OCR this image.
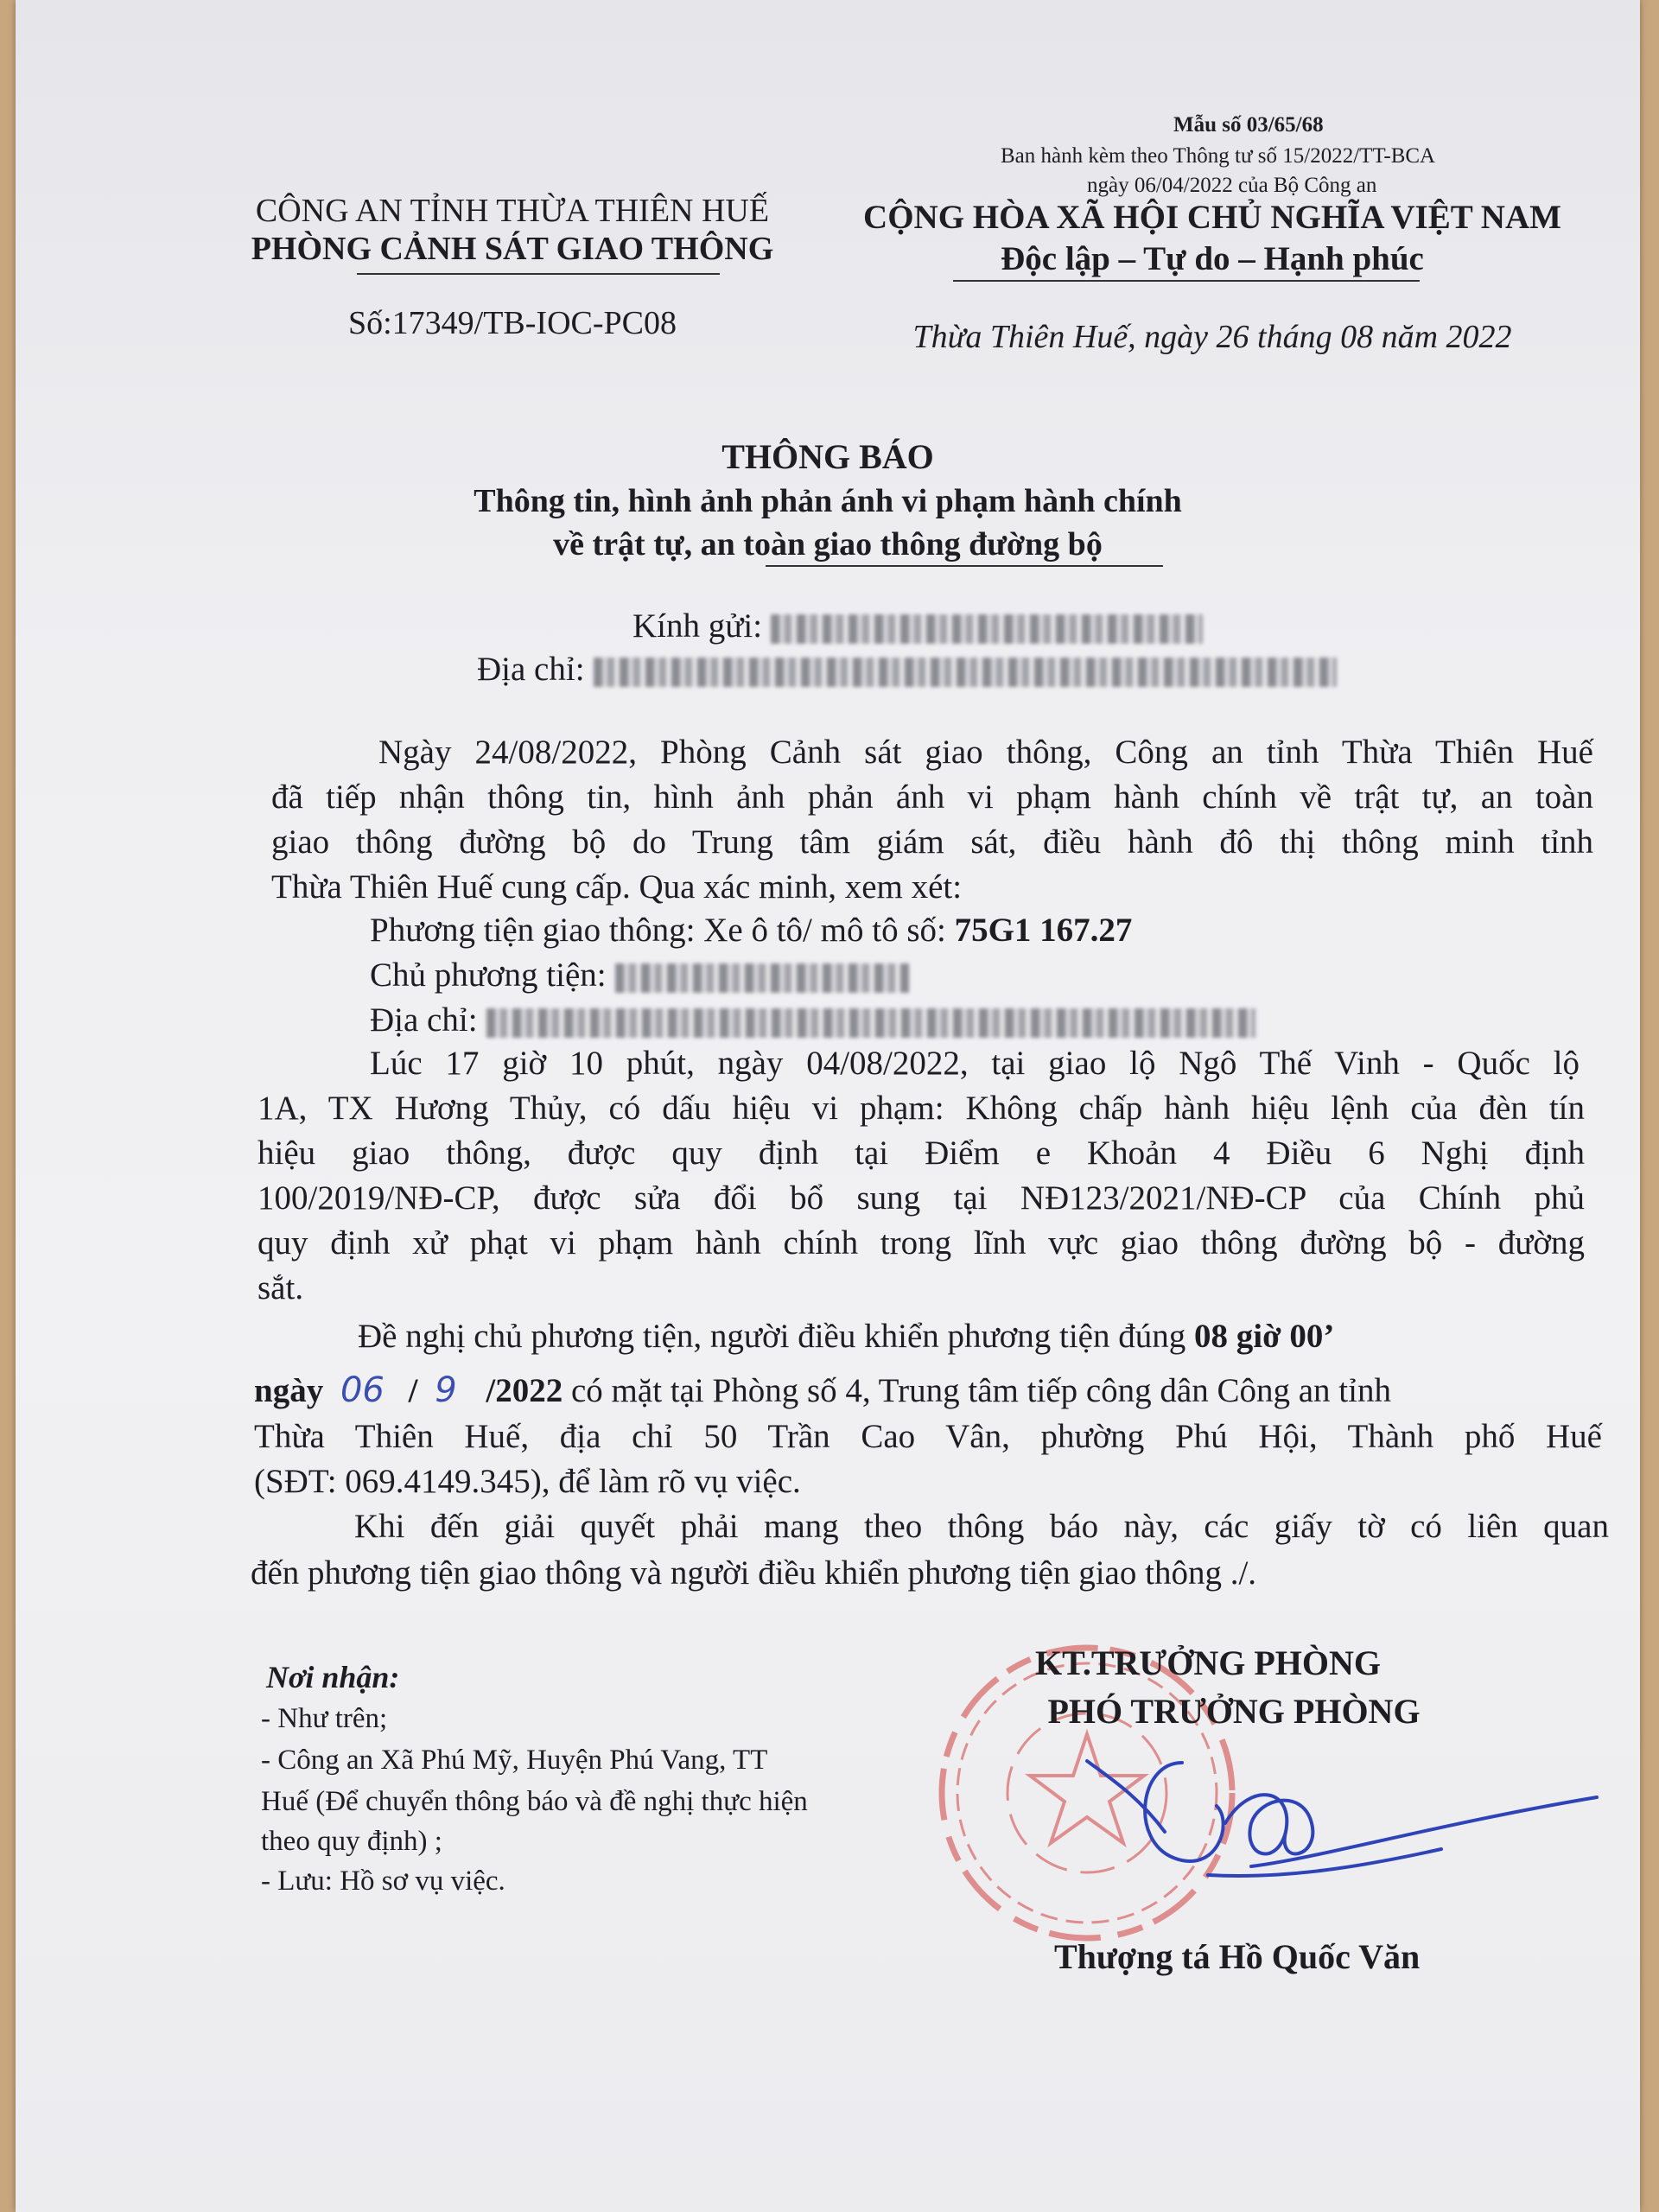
Mẫu số 03/65/68
Ban hành kèm theo Thông tư số 15/2022/TT-BCA
ngày 06/04/2022 của Bộ Công an
CÔNG AN TỈNH THỪA THIÊN HUẾ
PHÒNG CẢNH SÁT GIAO THÔNG
Số:17349/TB-IOC-PC08
CỘNG HÒA XÃ HỘI CHỦ NGHĨA VIỆT NAM
Độc lập – Tự do – Hạnh phúc
Thừa Thiên Huế, ngày 26 tháng 08 năm 2022
THÔNG BÁO
Thông tin, hình ảnh phản ánh vi phạm hành chính
về trật tự, an toàn giao thông đường bộ
Kính gửi:
Địa chỉ:
Ngày 24/08/2022, Phòng Cảnh sát giao thông, Công an tỉnh Thừa Thiên Huế
đã tiếp nhận thông tin, hình ảnh phản ánh vi phạm hành chính về trật tự, an toàn
giao thông đường bộ do Trung tâm giám sát, điều hành đô thị thông minh tỉnh
Thừa Thiên Huế cung cấp. Qua xác minh, xem xét:
Phương tiện giao thông: Xe ô tô/ mô tô số: 75G1 167.27
Chủ phương tiện:
Địa chỉ:
Lúc 17 giờ 10 phút, ngày 04/08/2022, tại giao lộ Ngô Thế Vinh - Quốc lộ
1A, TX Hương Thủy, có dấu hiệu vi phạm: Không chấp hành hiệu lệnh của đèn tín
hiệu giao thông, được quy định tại Điểm e Khoản 4 Điều 6 Nghị định
100/2019/NĐ-CP, được sửa đổi bổ sung tại NĐ123/2021/NĐ-CP của Chính phủ
quy định xử phạt vi phạm hành chính trong lĩnh vực giao thông đường bộ - đường
sắt.
Đề nghị chủ phương tiện, người điều khiển phương tiện đúng 08 giờ 00’
ngày 06 / 9 /2022 có mặt tại Phòng số 4, Trung tâm tiếp công dân Công an tỉnh
Thừa Thiên Huế, địa chỉ 50 Trần Cao Vân, phường Phú Hội, Thành phố Huế
(SĐT: 069.4149.345), để làm rõ vụ việc.
Khi đến giải quyết phải mang theo thông báo này, các giấy tờ có liên quan
đến phương tiện giao thông và người điều khiển phương tiện giao thông ./.
Nơi nhận:
- Như trên;
- Công an Xã Phú Mỹ, Huyện Phú Vang, TT
Huế (Để chuyển thông báo và đề nghị thực hiện
theo quy định) ;
- Lưu: Hồ sơ vụ việc.
KT.TRƯỞNG PHÒNG
PHÓ TRƯỞNG PHÒNG
Thượng tá Hồ Quốc Văn
